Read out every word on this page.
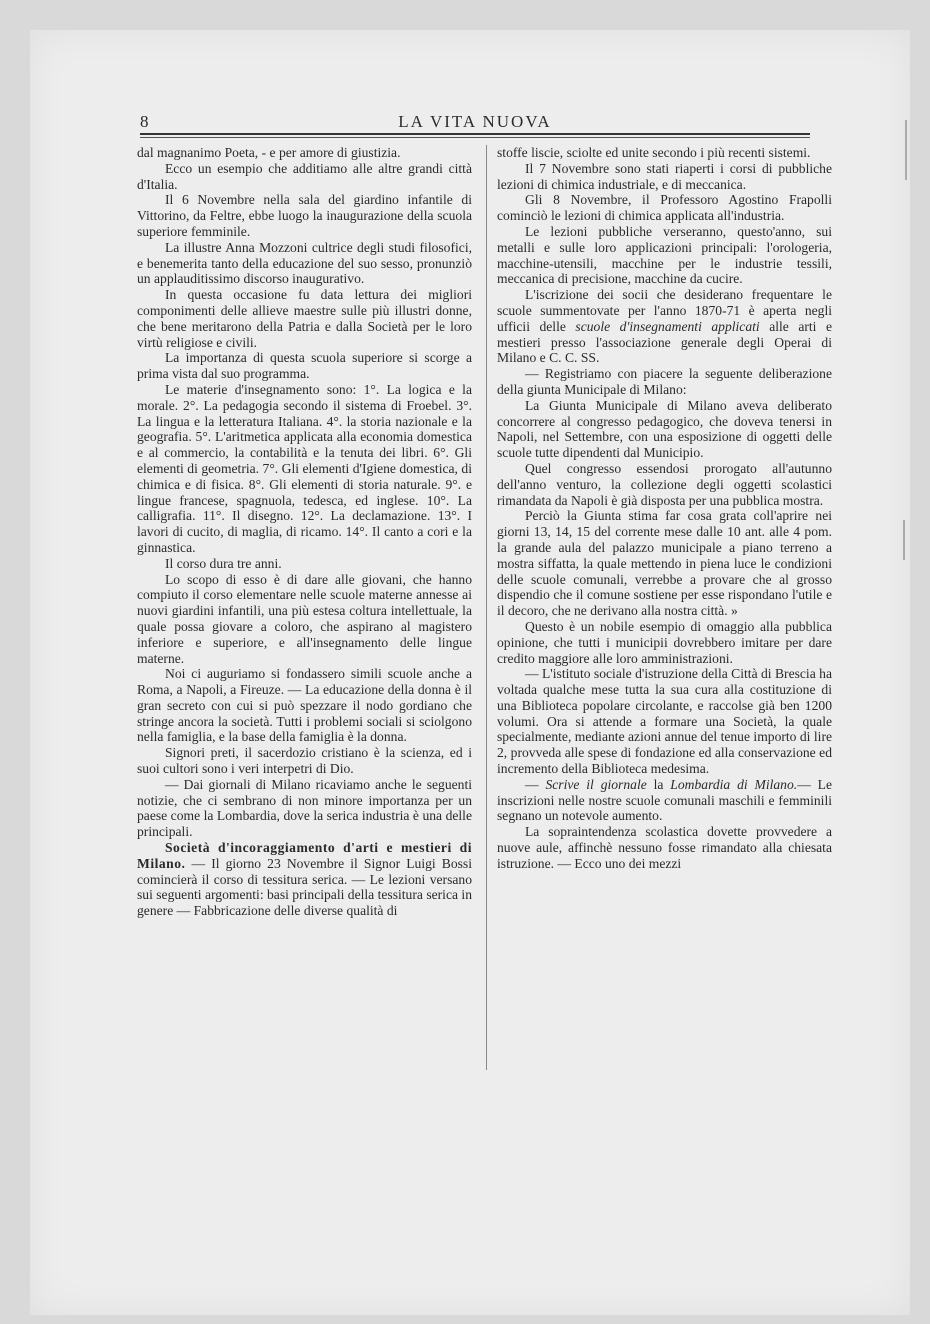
8	LA VITA NUOVA

dal magnanimo Poeta, - e per amore di giustizia.

Ecco un esempio che additiamo alle altre grandi città d'Italia.

Il 6 Novembre nella sala del giardino infantile di Vittorino, da Feltre, ebbe luogo la inaugurazione della scuola superiore femminile.

La illustre Anna Mozzoni cultrice degli studi filosofici, e benemerita tanto della educazione del suo sesso, pronunziò un applauditissimo discorso inaugurativo.

In questa occasione fu data lettura dei migliori componimenti delle allieve maestre sulle più illustri donne, che bene meritarono della Patria e dalla Società per le loro virtù religiose e civili.

La importanza di questa scuola superiore si scorge a prima vista dal suo programma.

Le materie d'insegnamento sono: 1°. La logica e la morale. 2°. La pedagogia secondo il sistema di Froebel. 3°. La lingua e la letteratura Italiana. 4°. la storia nazionale e la geografia. 5°. L'aritmetica applicata alla economia domestica e al commercio, la contabilità e la tenuta dei libri. 6°. Gli elementi di geometria. 7°. Gli elementi d'Igiene domestica, di chimica e di fisica. 8°. Gli elementi di storia naturale. 9°. e lingue francese, spagnuola, tedesca, ed inglese. 10°. La calligrafia. 11°. Il disegno. 12°. La declamazione. 13°. I lavori di cucito, di maglia, di ricamo. 14°. Il canto a cori e la ginnastica.

Il corso dura tre anni.

Lo scopo di esso è di dare alle giovani, che hanno compiuto il corso elementare nelle scuole materne annesse ai nuovi giardini infantili, una più estesa coltura intellettuale, la quale possa giovare a coloro, che aspirano al magistero inferiore e superiore, e all'insegnamento delle lingue materne.

Noi ci auguriamo si fondassero simili scuole anche a Roma, a Napoli, a Fireuze. — La educazione della donna è il gran secreto con cui si può spezzare il nodo gordiano che stringe ancora la società. Tutti i problemi sociali si sciolgono nella famiglia, e la base della famiglia è la donna.

Signori preti, il sacerdozio cristiano è la scienza, ed i suoi cultori sono i veri interpetri di Dio.

— Dai giornali di Milano ricaviamo anche le seguenti notizie, che ci sembrano di non minore importanza per un paese come la Lombardia, dove la serica industria è una delle principali.

Società d'incoraggiamento d'arti e mestieri di Milano. — Il giorno 23 Novembre il Signor Luigi Bossi comincierà il corso di tessitura serica. — Le lezioni versano sui seguenti argomenti: basi principali della tessitura serica in genere — Fabbricazione delle diverse qualità di

stoffe liscie, sciolte ed unite secondo i più recenti sistemi.

Il 7 Novembre sono stati riaperti i corsi di pubbliche lezioni di chimica industriale, e di meccanica.

Gli 8 Novembre, il Professoro Agostino Frapolli cominciò le lezioni di chimica applicata all'industria.

Le lezioni pubbliche verseranno, questo'anno, sui metalli e sulle loro applicazioni principali: l'orologeria, macchine-utensili, macchine per le industrie tessili, meccanica di precisione, macchine da cucire.

L'iscrizione dei socii che desiderano frequentare le scuole summentovate per l'anno 1870-71 è aperta negli ufficii delle scuole d'insegnamenti applicati alle arti e mestieri presso l'associazione generale degli Operai di Milano e C. C. SS.

— Registriamo con piacere la seguente deliberazione della giunta Municipale di Milano:

La Giunta Municipale di Milano aveva deliberato concorrere al congresso pedagogico, che doveva tenersi in Napoli, nel Settembre, con una esposizione di oggetti delle scuole tutte dipendenti dal Municipio.

Quel congresso essendosi prorogato all'autunno dell'anno venturo, la collezione degli oggetti scolastici rimandata da Napoli è già disposta per una pubblica mostra.

Perciò la Giunta stima far cosa grata coll'aprire nei giorni 13, 14, 15 del corrente mese dalle 10 ant. alle 4 pom. la grande aula del palazzo municipale a piano terreno a mostra siffatta, la quale mettendo in piena luce le condizioni delle scuole comunali, verrebbe a provare che al grosso dispendio che il comune sostiene per esse rispondano l'utile e il decoro, che ne derivano alla nostra città. »

Questo è un nobile esempio di omaggio alla pubblica opinione, che tutti i municipii dovrebbero imitare per dare credito maggiore alle loro amministrazioni.

— L'istituto sociale d'istruzione della Città di Brescia ha voltada qualche mese tutta la sua cura alla costituzione di una Biblioteca popolare circolante, e raccolse già ben 1200 volumi. Ora si attende a formare una Società, la quale specialmente, mediante azioni annue del tenue importo di lire 2, provveda alle spese di fondazione ed alla conservazione ed incremento della Biblioteca medesima.

— Scrive il giornale la Lombardia di Milano.— Le inscrizioni nelle nostre scuole comunali maschili e femminili segnano un notevole aumento.

La sopraintendenza scolastica dovette provvedere a nuove aule, affinchè nessuno fosse rimandato alla chiesata istruzione. — Ecco uno dei mezzi
